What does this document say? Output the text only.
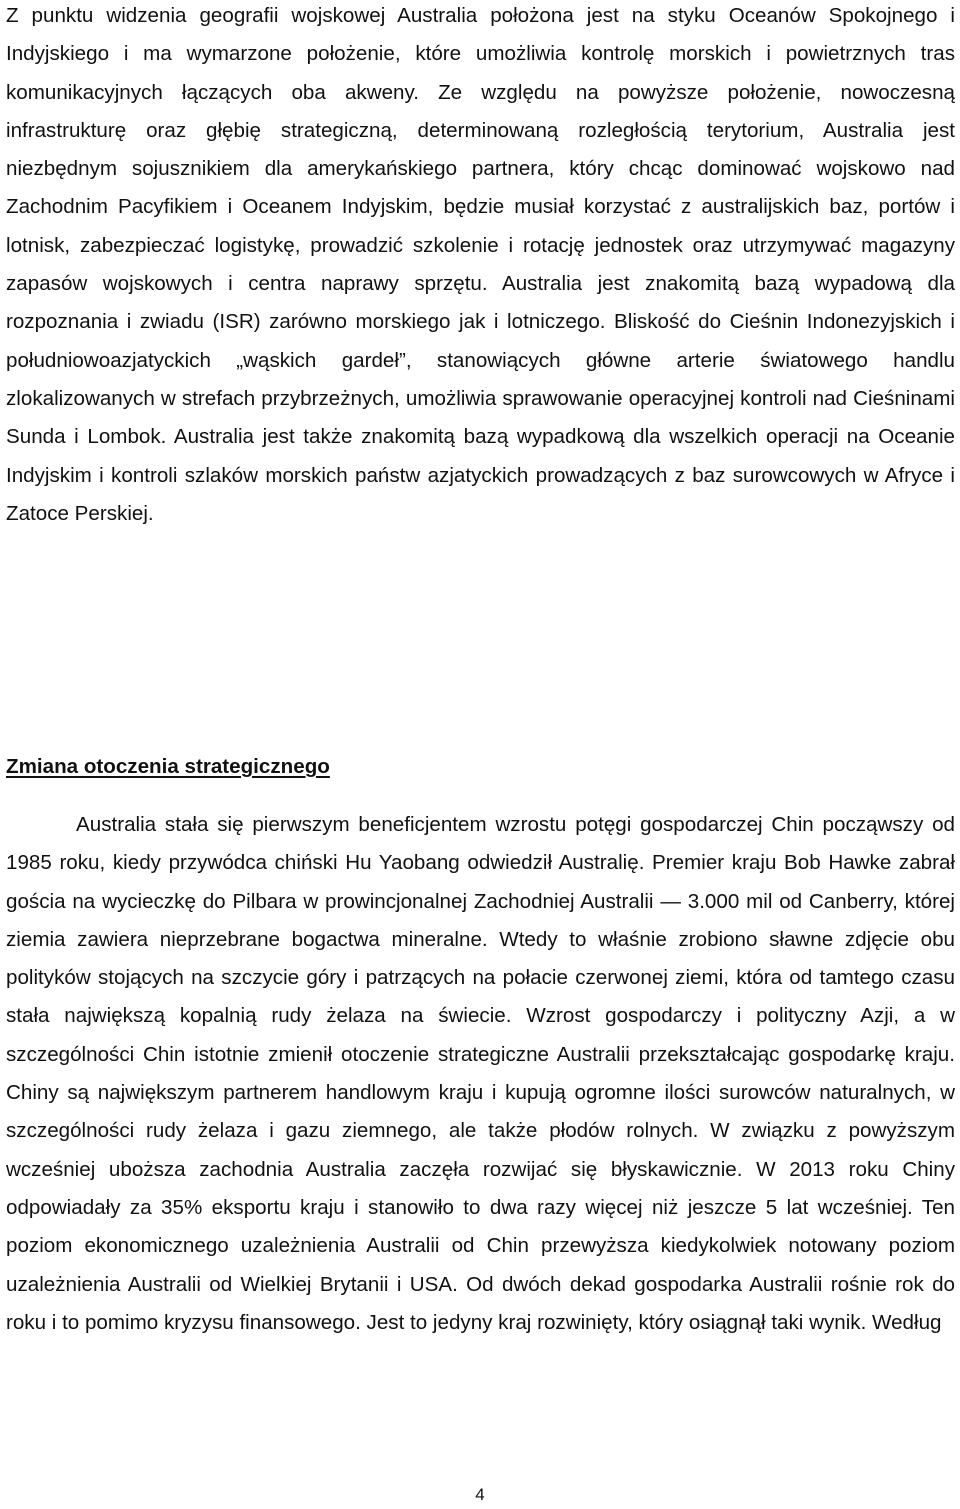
Z punktu widzenia geografii wojskowej Australia położona jest na styku Oceanów Spokojnego i Indyjskiego i ma wymarzone położenie, które umożliwia kontrolę morskich i powietrznych tras komunikacyjnych łączących oba akweny. Ze względu na powyższe położenie, nowoczesną infrastrukturę oraz głębię strategiczną, determinowaną rozległością terytorium, Australia jest niezbędnym sojusznikiem dla amerykańskiego partnera, który chcąc dominować wojskowo nad Zachodnim Pacyfikiem i Oceanem Indyjskim, będzie musiał korzystać z australijskich baz, portów i lotnisk, zabezpieczać logistykę, prowadzić szkolenie i rotację jednostek oraz utrzymywać magazyny zapasów wojskowych i centra naprawy sprzętu. Australia jest znakomitą bazą wypadową dla rozpoznania i zwiadu (ISR) zarówno morskiego jak i lotniczego. Bliskość do Cieśnin Indonezyjskich i południowoazjatyckich „wąskich gardeł”, stanowiących główne arterie światowego handlu zlokalizowanych w strefach przybrzeżnych, umożliwia sprawowanie operacyjnej kontroli nad Cieśninami Sunda i Lombok. Australia jest także znakomitą bazą wypadkową dla wszelkich operacji na Oceanie Indyjskim i kontroli szlaków morskich państw azjatyckich prowadzących z baz surowcowych w Afryce i Zatoce Perskiej.

Zmiana otoczenia strategicznego

Australia stała się pierwszym beneficjentem wzrostu potęgi gospodarczej Chin począwszy od 1985 roku, kiedy przywódca chiński Hu Yaobang odwiedził Australię. Premier kraju Bob Hawke zabrał gościa na wycieczkę do Pilbara w prowincjonalnej Zachodniej Australii — 3.000 mil od Canberry, której ziemia zawiera nieprzebrane bogactwa mineralne. Wtedy to właśnie zrobiono sławne zdjęcie obu polityków stojących na szczycie góry i patrzących na połacie czerwonej ziemi, która od tamtego czasu stała największą kopalnią rudy żelaza na świecie. Wzrost gospodarczy i polityczny Azji, a w szczególności Chin istotnie zmienił otoczenie strategiczne Australii przekształcając gospodarkę kraju. Chiny są największym partnerem handlowym kraju i kupują ogromne ilości surowców naturalnych, w szczególności rudy żelaza i gazu ziemnego, ale także płodów rolnych. W związku z powyższym wcześniej uboższa zachodnia Australia zaczęła rozwijać się błyskawicznie. W 2013 roku Chiny odpowiadały za 35% eksportu kraju i stanowiło to dwa razy więcej niż jeszcze 5 lat wcześniej. Ten poziom ekonomicznego uzależnienia Australii od Chin przewyższa kiedykolwiek notowany poziom uzależnienia Australii od Wielkiej Brytanii i USA. Od dwóch dekad gospodarka Australii rośnie rok do roku i to pomimo kryzysu finansowego. Jest to jedyny kraj rozwinięty, który osiągnął taki wynik. Według

4
